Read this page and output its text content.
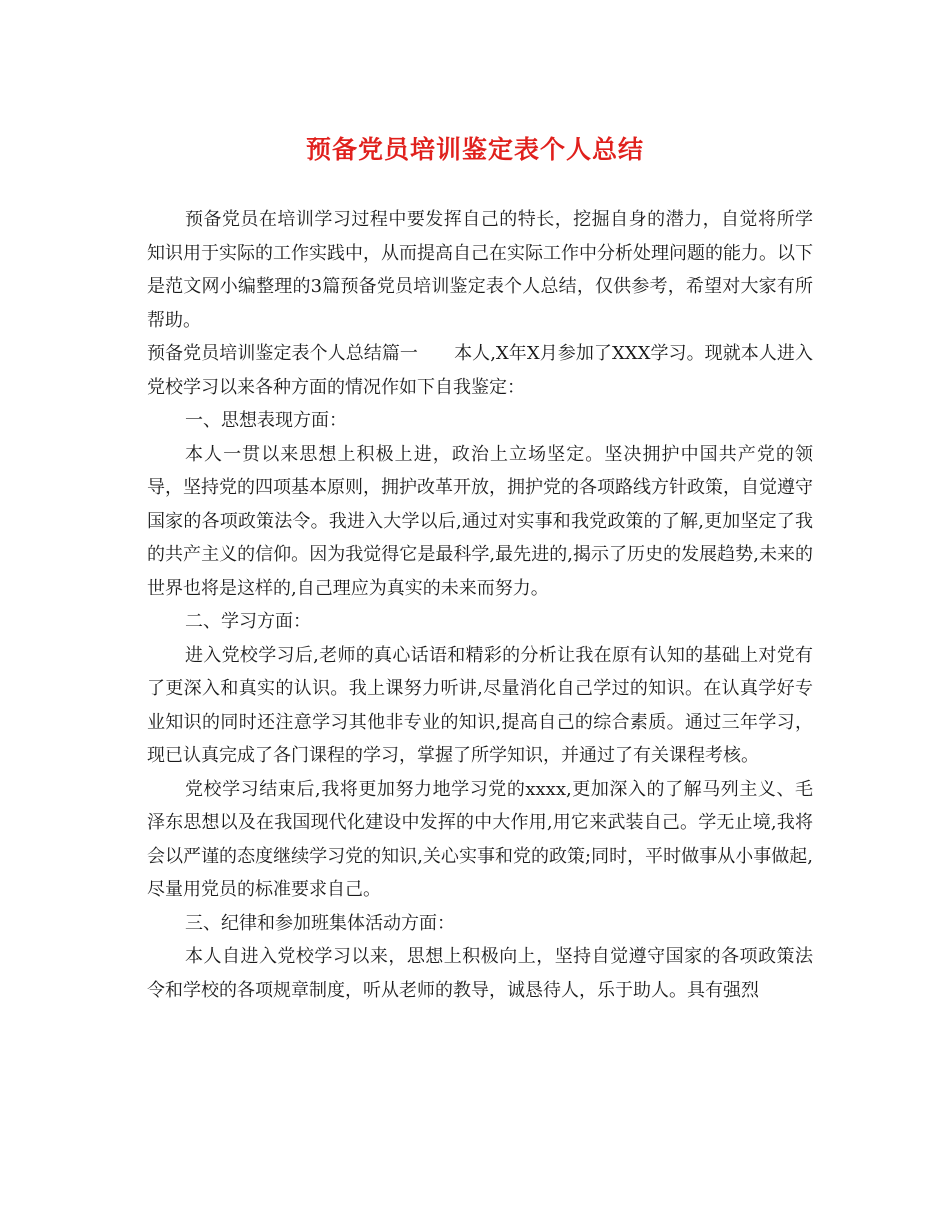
预备党员培训鉴定表个人总结

预备党员在培训学习过程中要发挥自己的特长，挖掘自身的潜力，自觉将所学知识用于实际的工作实践中，从而提高自己在实际工作中分析处理问题的能力。以下是范文网小编整理的3篇预备党员培训鉴定表个人总结，仅供参考，希望对大家有所帮助。

预备党员培训鉴定表个人总结篇一　　本人,X年X月参加了XXX学习。现就本人进入党校学习以来各种方面的情况作如下自我鉴定：

一、思想表现方面：

本人一贯以来思想上积极上进，政治上立场坚定。坚决拥护中国共产党的领导，坚持党的四项基本原则，拥护改革开放，拥护党的各项路线方针政策，自觉遵守国家的各项政策法令。我进入大学以后,通过对实事和我党政策的了解,更加坚定了我的共产主义的信仰。因为我觉得它是最科学,最先进的,揭示了历史的发展趋势,未来的世界也将是这样的,自己理应为真实的未来而努力。

二、学习方面：

进入党校学习后,老师的真心话语和精彩的分析让我在原有认知的基础上对党有了更深入和真实的认识。我上课努力听讲,尽量消化自己学过的知识。在认真学好专业知识的同时还注意学习其他非专业的知识,提高自己的综合素质。通过三年学习，现已认真完成了各门课程的学习，掌握了所学知识，并通过了有关课程考核。

党校学习结束后,我将更加努力地学习党的xxxx,更加深入的了解马列主义、毛泽东思想以及在我国现代化建设中发挥的中大作用,用它来武装自己。学无止境,我将会以严谨的态度继续学习党的知识,关心实事和党的政策;同时，平时做事从小事做起,尽量用党员的标准要求自己。

三、纪律和参加班集体活动方面：

本人自进入党校学习以来，思想上积极向上，坚持自觉遵守国家的各项政策法令和学校的各项规章制度，听从老师的教导，诚恳待人，乐于助人。具有强烈
